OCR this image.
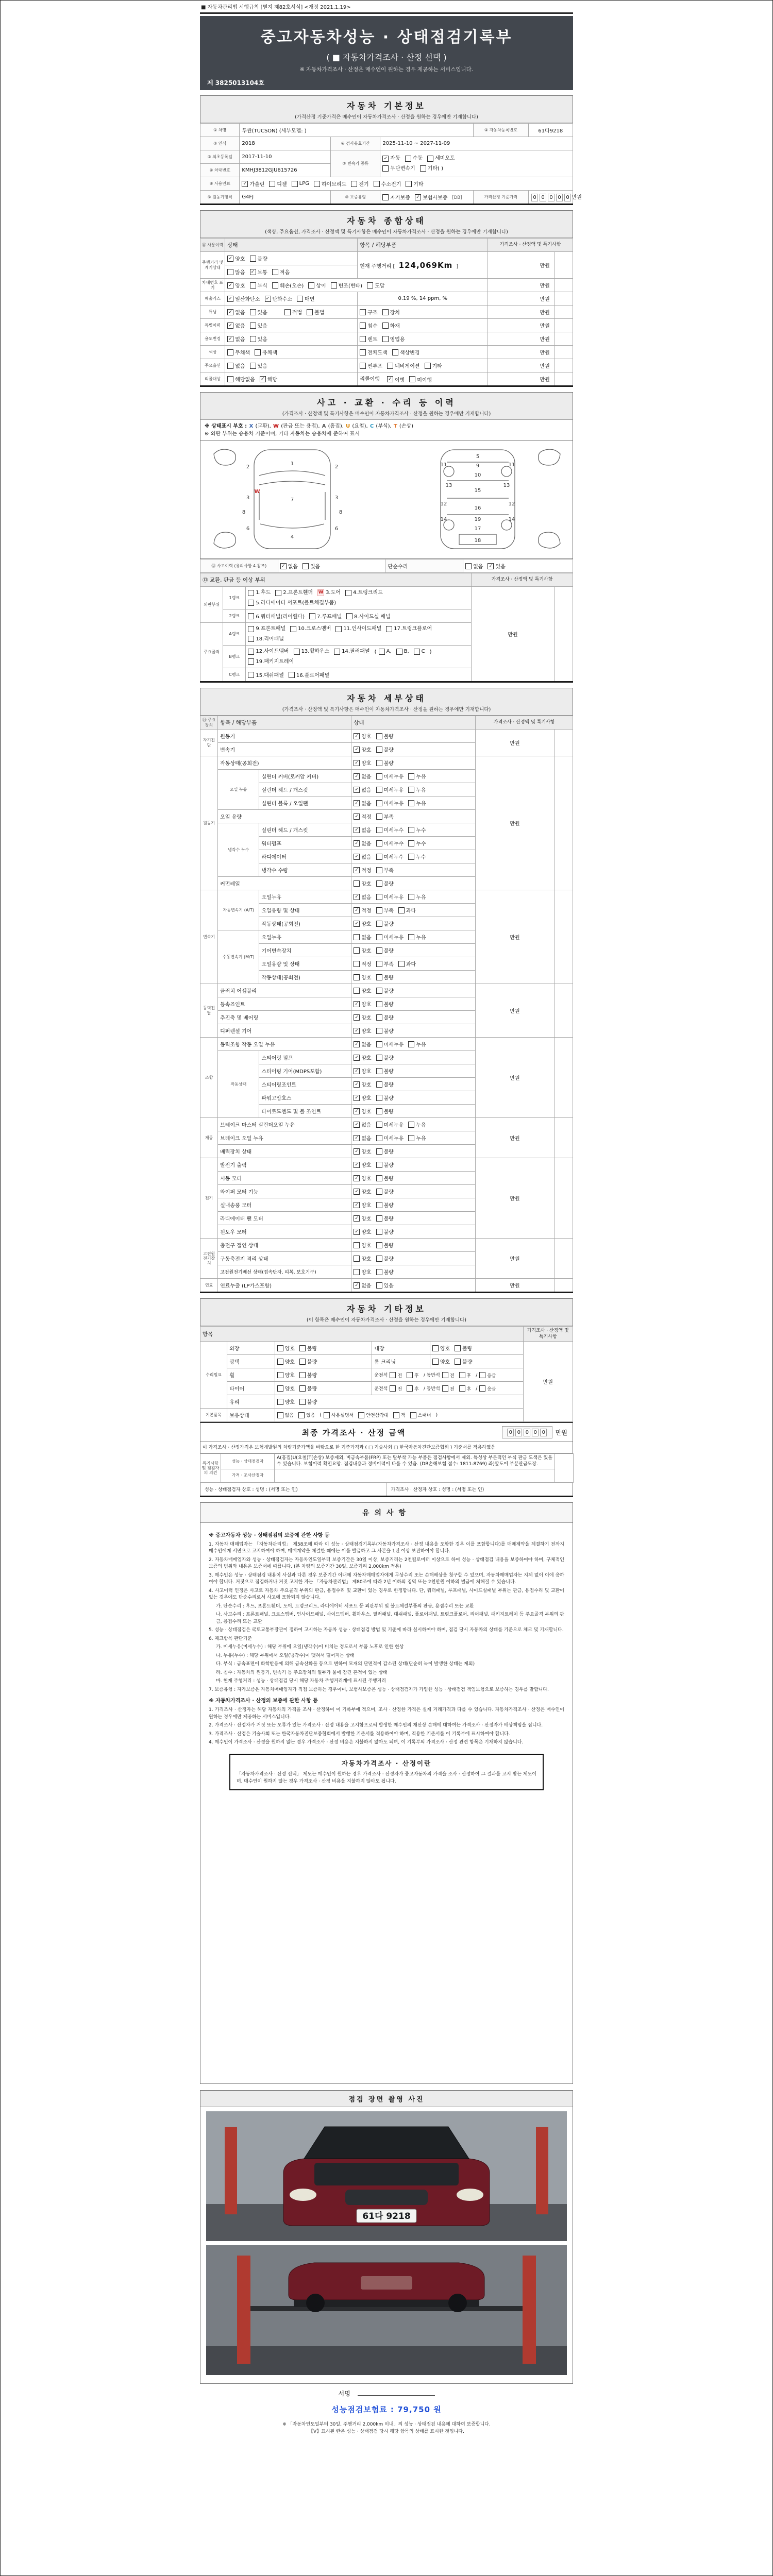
■ 자동차관리법 시행규칙 [별지 제82호서식] <개정 2021.1.19>
중고자동차성능 · 상태점검기록부
( ■ 자동차가격조사 · 산정 선택 )
※ 자동차가격조사 · 산정은 매수인이 원하는 경우 제공하는 서비스입니다.
제 3825013104호
자동차 기본정보
(가격산정 기준가격은 매수인이 자동차가격조사 · 산정을 원하는 경우에만 기재합니다)
① 차명	투싼(TUCSON) (세부모델: )			② 자동차등록번호	61다9218
③ 연식	2018	④ 검사유효기간	2025-11-10 ~ 2027-11-09		
⑤ 최초등록일	2017-11-10	⑦ 변속기 종류	
✓ 자동 수동 세미오토

무단변속기 기타( )

⑥ 차대번호	KMHJ3812GJU615726				
⑧ 사용연료	✓ 가솔린 디젤 LPG 하이브리드 전기 수소전기 기타

⑨ 원동기형식	G4FJ	⑩ 보증유형	자가보증 ✓ 보험사보증 [DB]	가격산정 기준가격	0 0 0 0 0 만원
자동차 종합상태
(색상, 주요옵션, 가격조사 · 산정액 및 특기사항은 매수인이 자동차가격조사 · 산정을 원하는 경우에만 기재합니다)
⑪ 사용이력	상태	항목 / 해당부품	가격조사 · 산정액 및 특기사항	
주행거리 및 계기상태	✓ 양호 불량	현재 주행거리 [ 124,069Km ]	만원	

많음 ✓ 보통 적음

차대번호 표기	✓ 양호 부식 훼손(오손) 상이 변조(변타) 도말	만원	
배출가스	✓ 일산화탄소 ✓ 탄화수소 매연	0.19 %, 14 ppm, %	만원	
튜닝	✓ 없음 있음	적법 불법	구조 장치	만원	
특별이력	✓ 없음 있음	침수 화재	만원	
용도변경	✓ 없음 있음	렌트 영업용	만원	
색상	무채색 유채색	전체도색 색상변경	만원	
주요옵션	없음 있음	썬루프 네비게이션 기타	만원	
리콜대상	해당없음 ✓ 해당	리콜이행 ✓ 이행 미이행	만원	
사고 · 교환 · 수리 등 이력
(가격조사 · 산정액 및 특기사항은 매수인이 자동차가격조사 · 산정을 원하는 경우에만 기재합니다)
※ 상태표시 부호 : X (교환), W (판금 또는 용접), A (흠집), U (요철), C (부식), T (손상)
※ 외판 부위는 승용차 기준이며, 기타 자동차는 승용차에 준하여 표시
1
2	2
W
3	3
7
8	8
6	6
4
5
9
11	11
10
13	13
15
12	12
16
14	14
19
17
18
⑫ 사고이력 (유의사항 4.참조)	✓ 없음 있음	단순수리	없음 ✓ 있음
⑬ 교환, 판금 등 이상 부위			가격조사 · 산정액 및 특기사항	
외판부위	1랭크	
1.후드 2.프론트휀더 W 3.도어 4.트렁크리드

5.라디에이터 서포트(볼트체결부품)
	만원	
2랭크	6.쿼터패널(리어휀다) 7.루프패널 8.사이드실 패널

주요골격	A랭크	
9.프론트패널 10.크로스멤버 11.인사이드패널 17.트렁크플로어

18.리어패널

B랭크	
12.사이드멤버 13.휠하우스 14.필러패널 ( A, B, C )

19.패키지트레이

	C랭크	15.대쉬패널 16.플로어패널		
자동차 세부상태
(가격조사 · 산정액 및 특기사항은 매수인이 자동차가격조사 · 산정을 원하는 경우에만 기재합니다)
⑭ 주요장치	항목 / 해당부품		상태	가격조사 · 산정액 및 특기사항	
자기진단	원동기		✓ 양호 불량	만원	
	변속기		✓ 양호 불량		

원동기	작동상태(공회전)		✓ 양호 불량	만원	
오일 누유	실린더 커버(로커암 커버)	✓ 없음 미세누유 누유

실린더 헤드 / 개스킷	✓ 없음 미세누유 누유

실린더 블록 / 오일팬	✓ 없음 미세누유 누유

	오일 유량		✓ 적정 부족		

냉각수 누수	실린더 헤드 / 개스킷	✓ 없음 미세누수 누수

워터펌프	✓ 없음 미세누수 누수

라디에이터	✓ 없음 미세누수 누수

		냉각수 수량	✓ 적정 부족		

	커먼레일		양호 불량		

변속기	자동변속기 (A/T)	오일누유	✓ 없음 미세누유 누유
	만원	
오일유량 및 상태	✓ 적정 부족 과다

		작동상태(공회전)	✓ 양호 불량		

수동변속기 (M/T)	오일누유	없음 미세누유 누유

		기어변속장치	양호 불량		

오일유량 및 상태	적정 부족 과다

		작동상태(공회전)	양호 불량		

동력전달	클러치 어셈블리		양호 불량	만원	
	등속죠인트		✓ 양호 불량		

	추진축 및 베어링		✓ 양호 불량		

	디퍼렌셜 기어		✓ 양호 불량		

조향	동력조향 작동 오일 누유	✓ 없음 미세누유 누유
	만원	
	작동상태	스티어링 펌프	✓ 양호 불량		

		스티어링 기어(MDPS포함)	✓ 양호 불량		

		스티어링조인트	✓ 양호 불량		

		파워고압호스	✓ 양호 불량		

		타이로드엔드 및 볼 조인트	✓ 양호 불량		

제동	브레이크 마스터 실린더오일 누유	✓ 없음 미세누유 누유
	만원	
브레이크 오일 누유	✓ 없음 미세누유 누유

	배력장치 상태		✓ 양호 불량		

전기	발전기 출력		✓ 양호 불량	만원	
	시동 모터		✓ 양호 불량		

	와이퍼 모터 기능		✓ 양호 불량		

	실내송풍 모터		✓ 양호 불량		

	라디에이터 팬 모터		✓ 양호 불량		

	윈도우 모터		✓ 양호 불량		

고전원 전기장치	충전구 절연 상태		양호 불량	만원	
	구동축전지 격리 상태		양호 불량		

	고전원전기배선 상태(접속단자, 피복, 보호기구)		양호 불량		

연료	연료누출 (LP가스포함)		✓ 없음 있음	만원	
자동차 기타정보
(이 항목은 매수인이 자동차가격조사 · 산정을 원하는 경우에만 기재합니다)
항목					가격조사 · 산정액 및 특기사항
수리필요	외장	양호 불량	내장	양호 불량	만원
	광택	양호 불량	룸 크리닝	양호 불량	

휠	양호 불량	운전석 전	후 / 동반석 전	후 / 응급

타이어	양호 불량	운전석 전	후 / 동반석 전	후 / 응급

	유리	양호 불량			

기본품목	보유상태	없음	있음 ( 사용설명서	안전삼각대	잭	스패너 )
최종 가격조사 · 산정 금액	0 0 0 0 0	만원
이 가격조사 · 산정가격은 보험개발원의 차량기준가액을 바탕으로 한 기준가격과 ( □ 기술사회 □ 한국자동차진단보증협회 ) 기준서를 적용하였음
특기사항 및 점검자의 의견	성능 · 상태점검자	A(흠집)U(요철)T(손상) 보증제외, 비금속부품(FRP) 또는 탈부착 가능 부품은 점검사항에서 제외. 특성상 부분적인 부식 판금 도색은 있을 수 있습니다. 보험이력 확인요망. 점검내용과 정비이력이 다를 수 있음. (DB손해보험 접수: 1811-8769) 좌)앞도어 부분판금도장.	
	가격 · 조사산정자		
성능 · 상태점검자 상호 : 성명 : (서명 또는 인)	가격조사 · 산정자 상호 : 성명 : (서명 또는 인)
유의사항
※ 중고자동차 성능 · 상태점검의 보증에 관한 사항 등

1. 자동차 매매업자는 「자동차관리법」 제58조에 따라 이 성능 · 상태점검기록부(자동차가격조사 · 산정 내용을 포함한 경우 이를 포함합니다)를 매매계약을 체결하기 전까지 매수인에게 서면으로 고지하여야 하며, 매매계약을 체결한 때에는 이를 발급하고 그 사본을 1년 이상 보관하여야 합니다.

2. 자동차매매업자와 성능 · 상태점검자는 자동차인도일부터 보증기간은 30일 이상, 보증거리는 2천킬로미터 이상으로 하여 성능 · 상태점검 내용을 보증하여야 하며, 구체적인 보증의 범위와 내용은 보증서에 따릅니다. (본 차량의 보증기간 30일, 보증거리 2,000km 적용)

3. 매수인은 성능 · 상태점검 내용이 사실과 다른 경우 보증기간 이내에 자동차매매업자에게 무상수리 또는 손해배상을 청구할 수 있으며, 자동차매매업자는 지체 없이 이에 응하여야 합니다. 거짓으로 점검하거나 거짓 고지한 자는 「자동차관리법」 제80조에 따라 2년 이하의 징역 또는 2천만원 이하의 벌금에 처해질 수 있습니다.

4. 사고이력 인정은 사고로 자동차 주요골격 부위의 판금, 용접수리 및 교환이 있는 경우로 한정합니다. 단, 쿼터패널, 루프패널, 사이드실패널 부위는 판금, 용접수리 및 교환이 있는 경우에도 단순수리로서 사고에 포함되지 않습니다.

가. 단순수리 : 후드, 프론트휀더, 도어, 트렁크리드, 라디에이터 서포트 등 외판부위 및 볼트체결부품의 판금, 용접수리 또는 교환

나. 사고수리 : 프론트패널, 크로스멤버, 인사이드패널, 사이드멤버, 휠하우스, 필러패널, 대쉬패널, 플로어패널, 트렁크플로어, 리어패널, 패키지트레이 등 주요골격 부위의 판금, 용접수리 또는 교환

5. 성능 · 상태점검은 국토교통부장관이 정하여 고시하는 자동차 성능 · 상태점검 방법 및 기준에 따라 실시하여야 하며, 점검 당시 자동차의 상태를 기준으로 체크 및 기재합니다.

6. 체크항목 판단기준

가. 미세누유(미세누수) : 해당 부위에 오일(냉각수)이 비치는 정도로서 부품 노후로 인한 현상

나. 누유(누수) : 해당 부위에서 오일(냉각수)이 맺혀서 떨어지는 상태

다. 부식 : 금속표면이 화학반응에 의해 금속산화물 등으로 변하여 모재의 단면적이 감소된 상태(단순히 녹이 발생한 상태는 제외)

라. 침수 : 자동차의 원동기, 변속기 등 주요장치의 일부가 물에 잠긴 흔적이 있는 상태

마. 현재 주행거리 : 성능 · 상태점검 당시 해당 자동차 주행거리계에 표시된 주행거리

7. 보증유형 : 자가보증은 자동차매매업자가 직접 보증하는 경우이며, 보험사보증은 성능 · 상태점검자가 가입한 성능 · 상태점검 책임보험으로 보증하는 경우를 말합니다.

※ 자동차가격조사 · 산정의 보증에 관한 사항 등

1. 가격조사 · 산정자는 해당 자동차의 가격을 조사 · 산정하여 이 기록부에 적으며, 조사 · 산정한 가격은 실제 거래가격과 다를 수 있습니다. 자동차가격조사 · 산정은 매수인이 원하는 경우에만 제공하는 서비스입니다.

2. 가격조사 · 산정자가 거짓 또는 오류가 있는 가격조사 · 산정 내용을 고지함으로써 발생한 매수인의 재산상 손해에 대하여는 가격조사 · 산정자가 배상책임을 집니다.

3. 가격조사 · 산정은 기술사회 또는 한국자동차진단보증협회에서 발행한 기준서를 적용하여야 하며, 적용한 기준서를 이 기록부에 표시하여야 합니다.

4. 매수인이 가격조사 · 산정을 원하지 않는 경우 가격조사 · 산정 비용은 지불하지 않아도 되며, 이 기록부의 가격조사 · 산정 관련 항목은 기재하지 않습니다.

자동차가격조사 · 산정이란
「자동차가격조사 · 산정 선택」 제도는 매수인이 원하는 경우 가격조사 · 산정자가 중고자동차의 가격을 조사 · 산정하여 그 결과를 고지 받는 제도이며, 매수인이 원하지 않는 경우 가격조사 · 산정 비용을 지불하지 않아도 됩니다.
점검 장면 촬영 사진
61다 9218
서명
성능점검보험료 : 79,750 원
※ 「자동차인도일부터 30일, 주행거리 2,000km 이내」의 성능 · 상태점검 내용에 대하여 보증합니다.
【V】표시된 란은 성능 · 상태점검 당시 해당 항목의 상태를 표시한 것입니다.
